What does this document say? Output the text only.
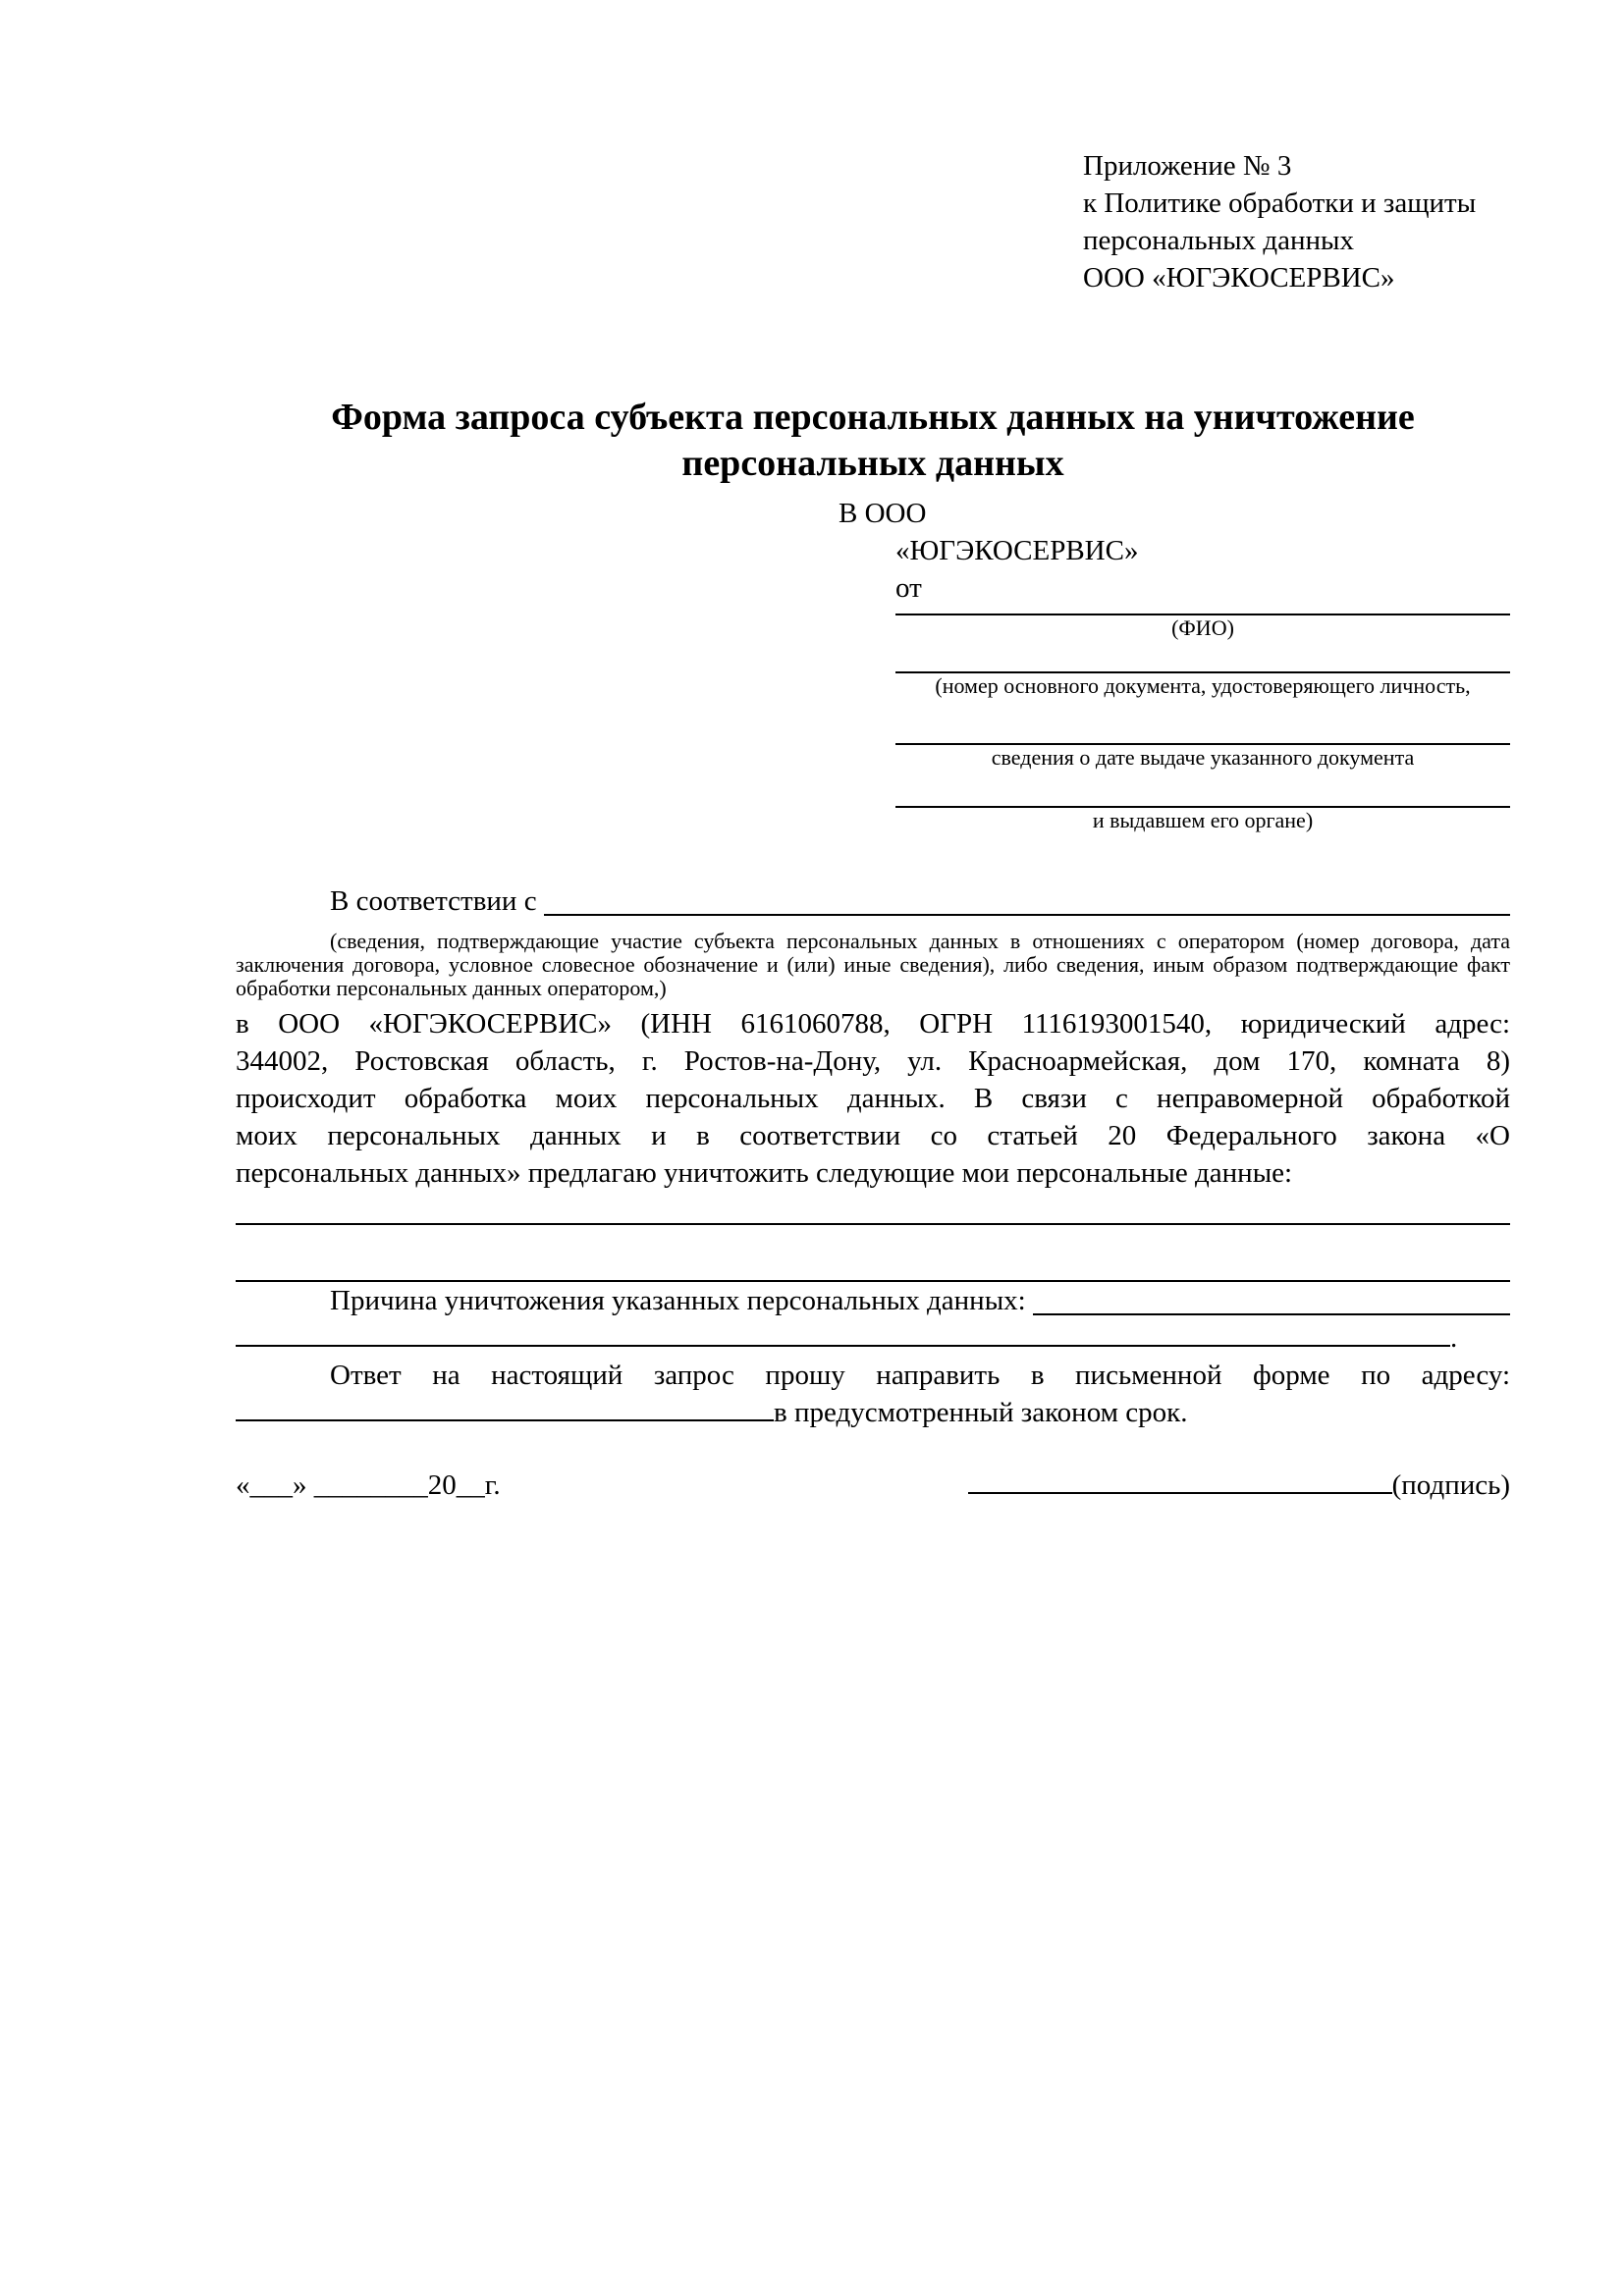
Приложение № 3
к Политике обработки и защиты
персональных данных
ООО «ЮГЭКОСЕРВИС»
Форма запроса субъекта персональных данных на уничтожение
персональных данных
В ООО
«ЮГЭКОСЕРВИС»
от
(ФИО)
(номер основного документа, удостоверяющего личность,
сведения о дате выдаче указанного документа
и выдавшем его органе)
В соответствии с

(сведения, подтверждающие участие субъекта персональных данных в отношениях с оператором (номер договора, дата
заключения договора, условное словесное обозначение и (или) иные сведения), либо сведения, иным образом подтверждающие факт
обработки персональных данных оператором,)
в ООО «ЮГЭКОСЕРВИС» (ИНН 6161060788, ОГРН 1116193001540, юридический адрес:
344002, Ростовская область, г. Ростов-на-Дону, ул. Красноармейская, дом 170, комната 8)
происходит обработка моих персональных данных. В связи с неправомерной обработкой
моих персональных данных и в соответствии со статьей 20 Федерального закона «О
персональных данных» предлагаю уничтожить следующие мои персональные данные:
Причина уничтожения указанных персональных данных:

.
Ответ на настоящий запрос прошу направить в письменной форме по адресу:
в предусмотренный законом срок.
«___» ________20__г.	(подпись)
